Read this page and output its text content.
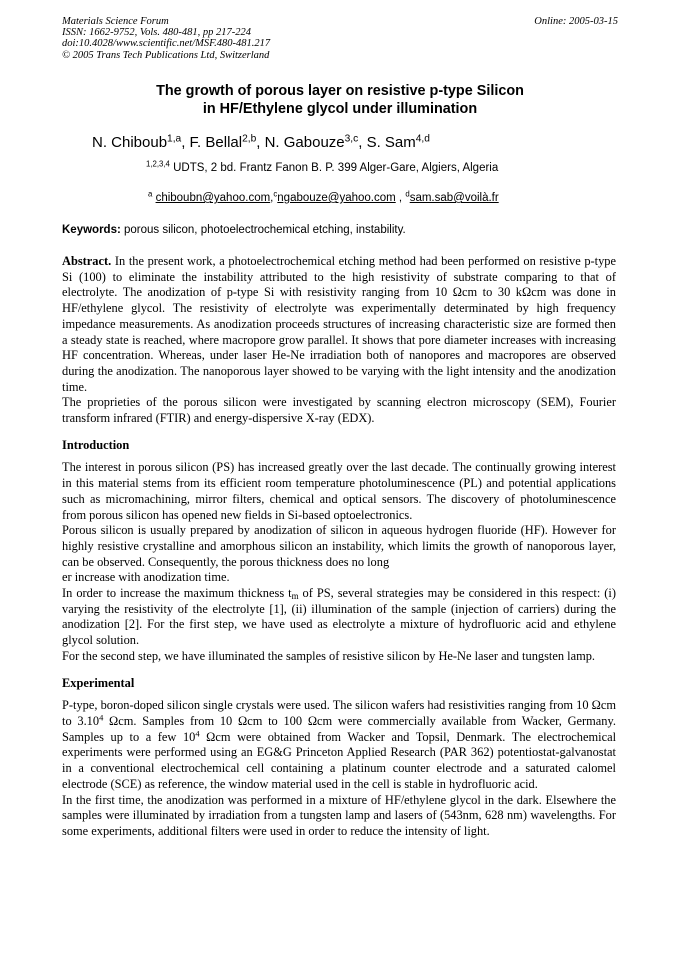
Materials Science Forum
ISSN: 1662-9752, Vols. 480-481, pp 217-224
doi:10.4028/www.scientific.net/MSF.480-481.217
© 2005 Trans Tech Publications Ltd, Switzerland
Online: 2005-03-15
The growth of porous layer on resistive p-type Silicon
in HF/Ethylene glycol under illumination
N. Chiboub$^{1,a}$, F. Bellal$^{2,b}$, N. Gabouze$^{3,c}$, S. Sam$^{4,d}$
$^{1,2,3,4}$ UDTS, 2 bd. Frantz Fanon B. P. 399 Alger-Gare, Algiers, Algeria
$^a$ chiboubn@yahoo.com,$^c$ngabouze@yahoo.com , $^d$sam.sab@voilà.fr
Keywords: porous silicon, photoelectrochemical etching, instability.

Abstract. In the present work, a photoelectrochemical etching method had been performed on resistive p-type Si (100) to eliminate the instability attributed to the high resistivity of substrate comparing to that of electrolyte. The anodization of p-type Si with resistivity ranging from 10 Ωcm to 30 kΩcm was done in HF/ethylene glycol. The resistivity of electrolyte was experimentally determinated by high frequency impedance measurements. As anodization proceeds structures of increasing characteristic size are formed then a steady state is reached, where macropore grow parallel. It shows that pore diameter increases with increasing HF concentration. Whereas, under laser He-Ne irradiation both of nanopores and macropores are observed during the anodization. The nanoporous layer showed to be varying with the light intensity and the anodization time.

The proprieties of the porous silicon were investigated by scanning electron microscopy (SEM), Fourier transform infrared (FTIR) and energy-dispersive X-ray (EDX).

Introduction

The interest in porous silicon (PS) has increased greatly over the last decade. The continually growing interest in this material stems from its efficient room temperature photoluminescence (PL) and potential applications such as micromachining, mirror filters, chemical and optical sensors. The discovery of photoluminescence from porous silicon has opened new fields in Si-based optoelectronics.

Porous silicon is usually prepared by anodization of silicon in aqueous hydrogen fluoride (HF). However for highly resistive crystalline and amorphous silicon an instability, which limits the growth of nanoporous layer, can be observed. Consequently, the porous thickness does no long

er increase with anodization time.

In order to increase the maximum thickness $t_m$ of PS, several strategies may be considered in this respect: (i) varying the resistivity of the electrolyte [1], (ii) illumination of the sample (injection of carriers) during the anodization [2]. For the first step, we have used as electrolyte a mixture of hydrofluoric acid and ethylene glycol solution.

For the second step, we have illuminated the samples of resistive silicon by He-Ne laser and tungsten lamp.

Experimental

P-type, boron-doped silicon single crystals were used. The silicon wafers had resistivities ranging from 10 Ωcm to 3.10$^4$ Ωcm. Samples from 10 Ωcm to 100 Ωcm were commercially available from Wacker, Germany. Samples up to a few $10^4$ Ωcm were obtained from Wacker and Topsil, Denmark. The electrochemical experiments were performed using an EG&G Princeton Applied Research (PAR 362) potentiostat-galvanostat in a conventional electrochemical cell containing a platinum counter electrode and a saturated calomel electrode (SCE) as reference, the window material used in the cell is stable in hydrofluoric acid.

In the first time, the anodization was performed in a mixture of HF/ethylene glycol in the dark. Elsewhere the samples were illuminated by irradiation from a tungsten lamp and lasers of (543nm, 628 nm) wavelengths. For some experiments, additional filters were used in order to reduce the intensity of light.
